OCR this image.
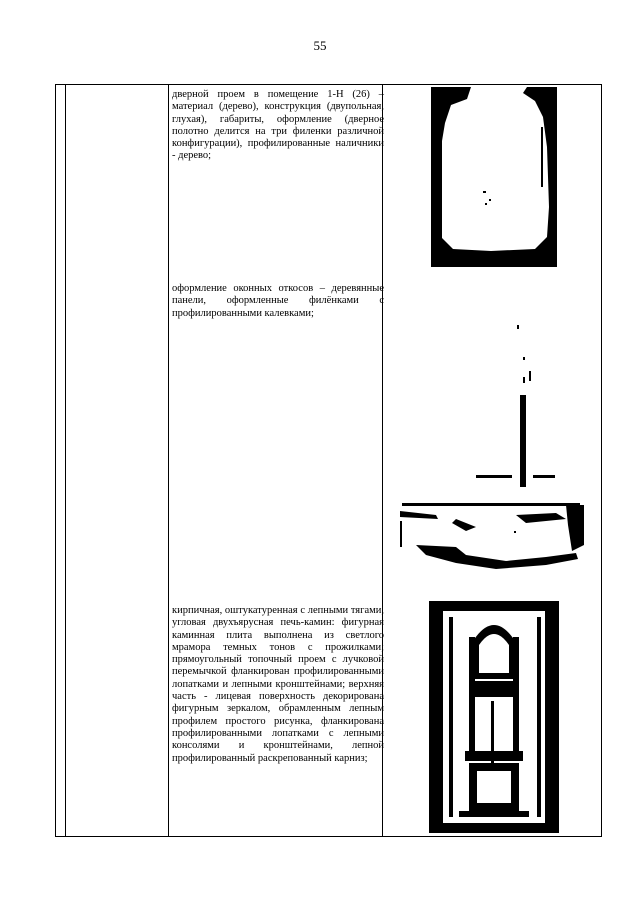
55
дверной проем в помещение 1-Н (26) – материал (дерево), конструкция (двупольная, глухая), габариты, оформление (дверное полотно делится на три филенки различной конфигурации), профилированные наличники - дерево;
оформление оконных откосов – деревянные панели, оформленные филёнками с профилированными калевками;
кирпичная, оштукатуренная с лепными тягами, угловая двухъярусная печь-камин: фигурная каминная плита выполнена из светлого мрамора темных тонов с прожилками; прямоугольный топочный проем с лучковой перемычкой фланкирован профилированными лопатками и лепными кронштейнами; верхняя часть - лицевая поверхность декорирована фигурным зеркалом, обрамленным лепным профилем простого рисунка, фланкирована профилированными лопатками с лепными консолями и кронштейнами, лепной профилированный раскрепованный карниз;
